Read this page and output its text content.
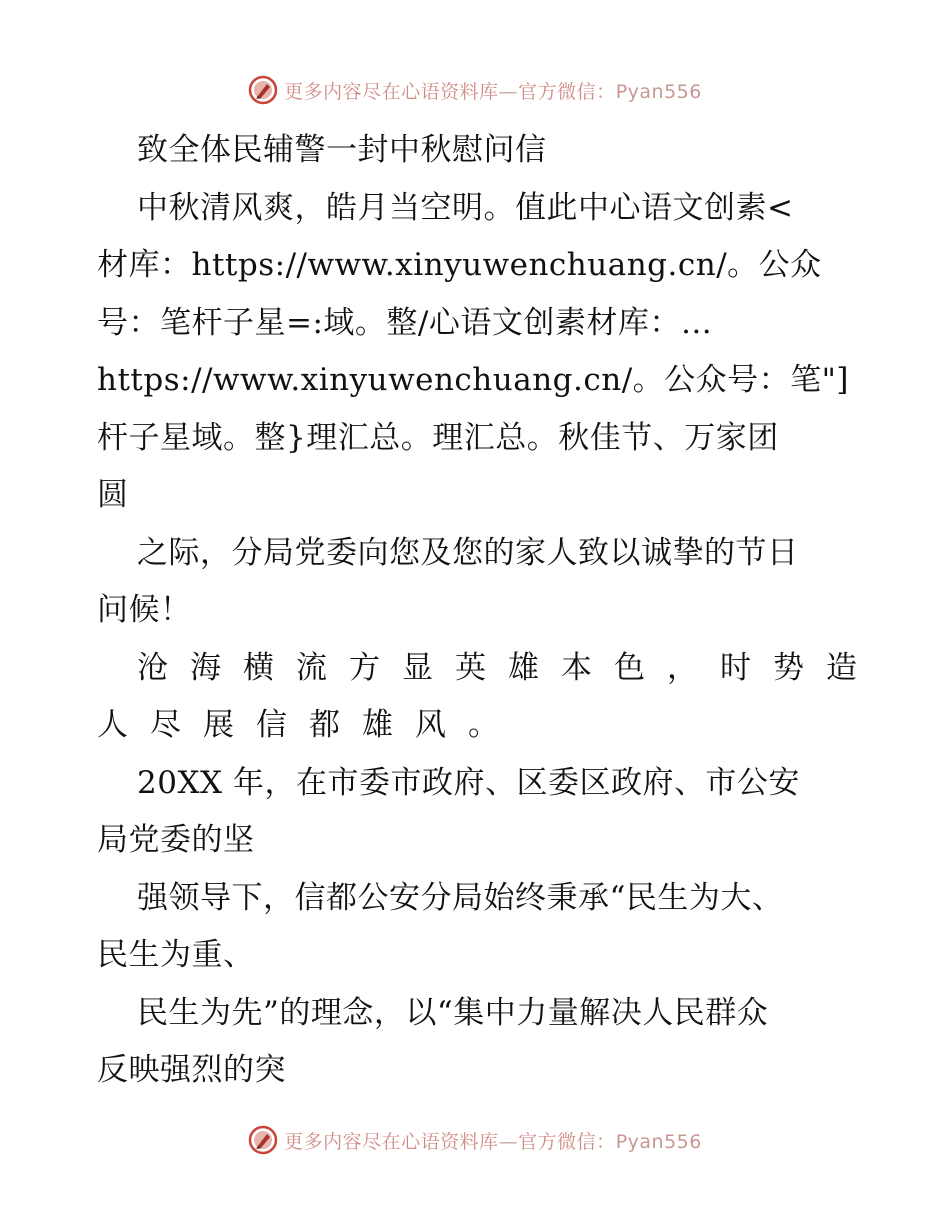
更多内容尽在心语资料库—官方微信：Pyan556
致全体民辅警一封中秋慰问信
中秋清风爽，皓月当空明。值此中心语文创素<
材库：https://www.xinyuwenchuang.cn/。公众
号：笔杆子星=:域。整/心语文创素材库：…
https://www.xinyuwenchuang.cn/。公众号：笔"]
杆子星域。整}理汇总。理汇总。秋佳节、万家团
圆
之际，分局党委向您及您的家人致以诚挚的节日
问候！
沧海横流方显英雄本色，时势造
人尽展信都雄风。
20XX 年，在市委市政府、区委区政府、市公安
局党委的坚
强领导下，信都公安分局始终秉承“民生为大、
民生为重、
民生为先”的理念，以“集中力量解决人民群众
反映强烈的突
更多内容尽在心语资料库—官方微信：Pyan556
